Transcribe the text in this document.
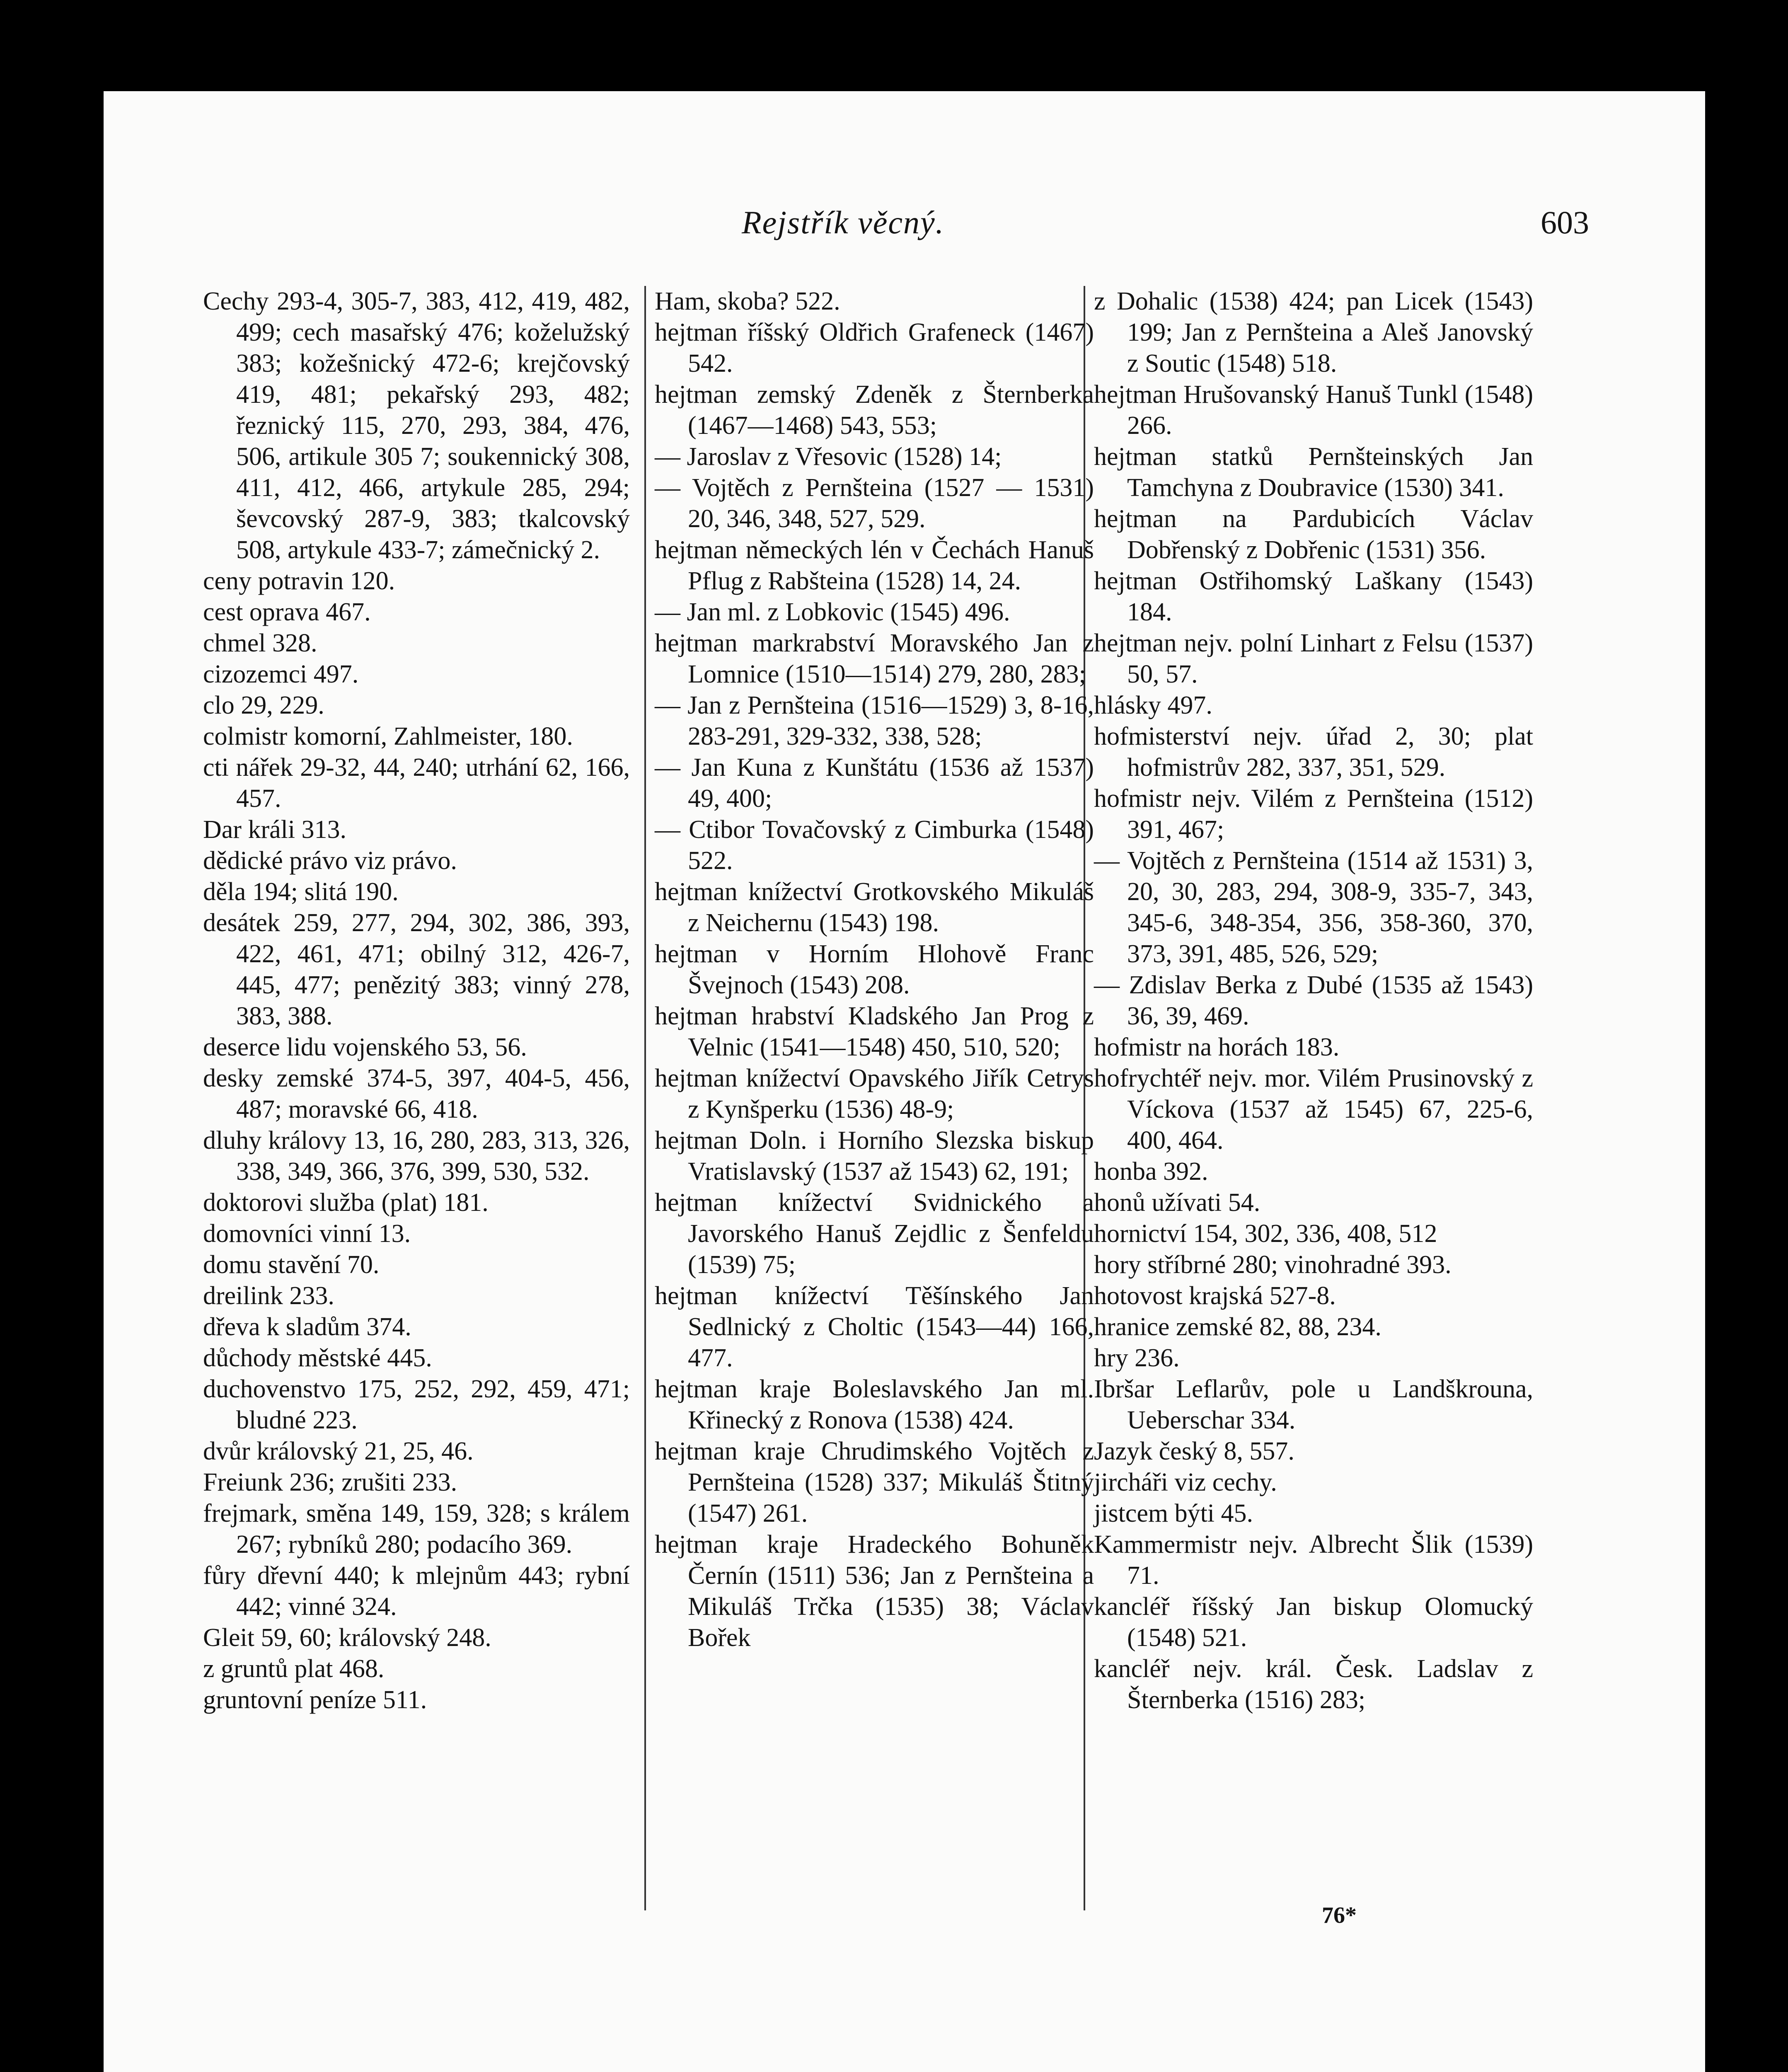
Rejstřík věcný.	603

Cechy 293-4, 305-7, 383, 412, 419, 482, 499; cech masařský 476; koželužský 383; kožešnický 472-6; krejčovský 419, 481; pekařský 293, 482; řeznický 115, 270, 293, 384, 476, 506, artikule 305 7; soukennický 308, 411, 412, 466, artykule 285, 294; ševcovský 287-9, 383; tkalcovský 508, artykule 433-7; zámečnický 2.

ceny potravin 120.

cest oprava 467.

chmel 328.

cizozemci 497.

clo 29, 229.

colmistr komorní, Zahlmeister, 180.

cti nářek 29-32, 44, 240; utrhání 62, 166, 457.

Dar králi 313.

dědické právo viz právo.

děla 194; slitá 190.

desátek 259, 277, 294, 302, 386, 393, 422, 461, 471; obilný 312, 426-7, 445, 477; penězitý 383; vinný 278, 383, 388.

deserce lidu vojenského 53, 56.

desky zemské 374-5, 397, 404-5, 456, 487; moravské 66, 418.

dluhy královy 13, 16, 280, 283, 313, 326, 338, 349, 366, 376, 399, 530, 532.

doktorovi služba (plat) 181.

domovníci vinní 13.

domu stavění 70.

dreilink 233.

dřeva k sladům 374.

důchody městské 445.

duchovenstvo 175, 252, 292, 459, 471; bludné 223.

dvůr královský 21, 25, 46.

Freiunk 236; zrušiti 233.

frejmark, směna 149, 159, 328; s králem 267; rybníků 280; podacího 369.

fůry dřevní 440; k mlejnům 443; rybní 442; vinné 324.

Gleit 59, 60; královský 248.

z gruntů plat 468.

gruntovní peníze 511.

Ham, skoba? 522.

hejtman říšský Oldřich Grafeneck (1467) 542.

hejtman zemský Zdeněk z Šternberka (1467—1468) 543, 553;

— Jaroslav z Vřesovic (1528) 14;

— Vojtěch z Pernšteina (1527 — 1531) 20, 346, 348, 527, 529.

hejtman německých lén v Čechách Hanuš Pflug z Rabšteina (1528) 14, 24.

— Jan ml. z Lobkovic (1545) 496.

hejtman markrabství Moravského Jan z Lomnice (1510—1514) 279, 280, 283;

— Jan z Pernšteina (1516—1529) 3, 8-16, 283-291, 329-332, 338, 528;

— Jan Kuna z Kunštátu (1536 až 1537) 49, 400;

— Ctibor Tovačovský z Cimburka (1548) 522.

hejtman knížectví Grotkovského Mikuláš z Neichernu (1543) 198.

hejtman v Horním Hlohově Franc Švejnoch (1543) 208.

hejtman hrabství Kladského Jan Prog z Velnic (1541—1548) 450, 510, 520;

hejtman knížectví Opavského Jiřík Cetrys z Kynšperku (1536) 48-9;

hejtman Doln. i Horního Slezska biskup Vratislavský (1537 až 1543) 62, 191;

hejtman knížectví Svidnického a Javorského Hanuš Zejdlic z Šenfeldu (1539) 75;

hejtman knížectví Těšínského Jan Sedlnický z Choltic (1543—44) 166, 477.

hejtman kraje Boleslavského Jan ml. Křinecký z Ronova (1538) 424.

hejtman kraje Chrudimského Vojtěch z Pernšteina (1528) 337; Mikuláš Štitný (1547) 261.

hejtman kraje Hradeckého Bohuněk Černín (1511) 536; Jan z Pernšteina a Mikuláš Trčka (1535) 38; Václav Bořek

z Dohalic (1538) 424; pan Licek (1543) 199; Jan z Pernšteina a Aleš Janovský z Soutic (1548) 518.

hejtman Hrušovanský Hanuš Tunkl (1548) 266.

hejtman statků Pernšteinských Jan Tamchyna z Doubravice (1530) 341.

hejtman na Pardubicích Václav Dobřenský z Dobřenic (1531) 356.

hejtman Ostřihomský Laškany (1543) 184.

hejtman nejv. polní Linhart z Felsu (1537) 50, 57.

hlásky 497.

hofmisterství nejv. úřad 2, 30; plat hofmistrův 282, 337, 351, 529.

hofmistr nejv. Vilém z Pernšteina (1512) 391, 467;

— Vojtěch z Pernšteina (1514 až 1531) 3, 20, 30, 283, 294, 308-9, 335-7, 343, 345-6, 348-354, 356, 358-360, 370, 373, 391, 485, 526, 529;

— Zdislav Berka z Dubé (1535 až 1543) 36, 39, 469.

hofmistr na horách 183.

hofrychtéř nejv. mor. Vilém Prusinovský z Víckova (1537 až 1545) 67, 225-6, 400, 464.

honba 392.

honů užívati 54.

hornictví 154, 302, 336, 408, 512

hory stříbrné 280; vinohradné 393.

hotovost krajská 527-8.

hranice zemské 82, 88, 234.

hry 236.

Ibršar Leflarův, pole u Landškrouna, Ueberschar 334.

Jazyk český 8, 557.

jircháři viz cechy.

jistcem býti 45.

Kammermistr nejv. Albrecht Šlik (1539) 71.

kancléř říšský Jan biskup Olomucký (1548) 521.

kancléř nejv. král. Česk. Ladslav z Šternberka (1516) 283;

76*
